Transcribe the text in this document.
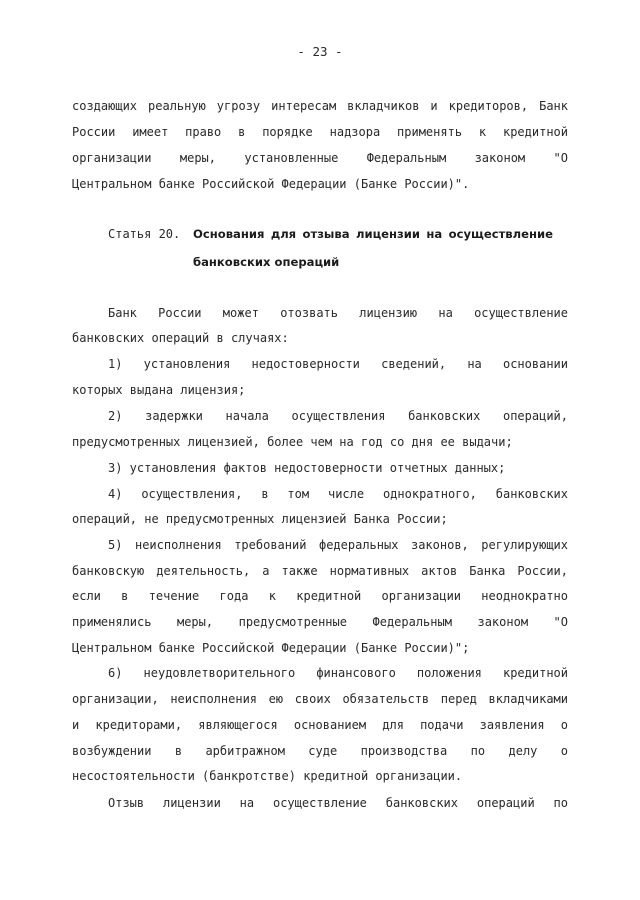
- 23 -
создающих реальную угрозу интересам вкладчиков и кредиторов, Банк
России имеет право в порядке надзора применять к кредитной
организации меры, установленные Федеральным законом "О
Центральном банке Российской Федерации (Банке России)".
Статья 20. Основания для отзыва лицензии на осуществление
банковских операций
Банк России может отозвать лицензию на осуществление
банковских операций в случаях:
1) установления недостоверности сведений, на основании
которых выдана лицензия;
2) задержки начала осуществления банковских операций,
предусмотренных лицензией, более чем на год со дня ее выдачи;
3) установления фактов недостоверности отчетных данных;
4) осуществления, в том числе однократного, банковских
операций, не предусмотренных лицензией Банка России;
5) неисполнения требований федеральных законов, регулирующих
банковскую деятельность, а также нормативных актов Банка России,
если в течение года к кредитной организации неоднократно
применялись меры, предусмотренные Федеральным законом "О
Центральном банке Российской Федерации (Банке России)";
6) неудовлетворительного финансового положения кредитной
организации, неисполнения ею своих обязательств перед вкладчиками
и кредиторами, являющегося основанием для подачи заявления о
возбуждении в арбитражном суде производства по делу о
несостоятельности (банкротстве) кредитной организации.
Отзыв лицензии на осуществление банковских операций по
